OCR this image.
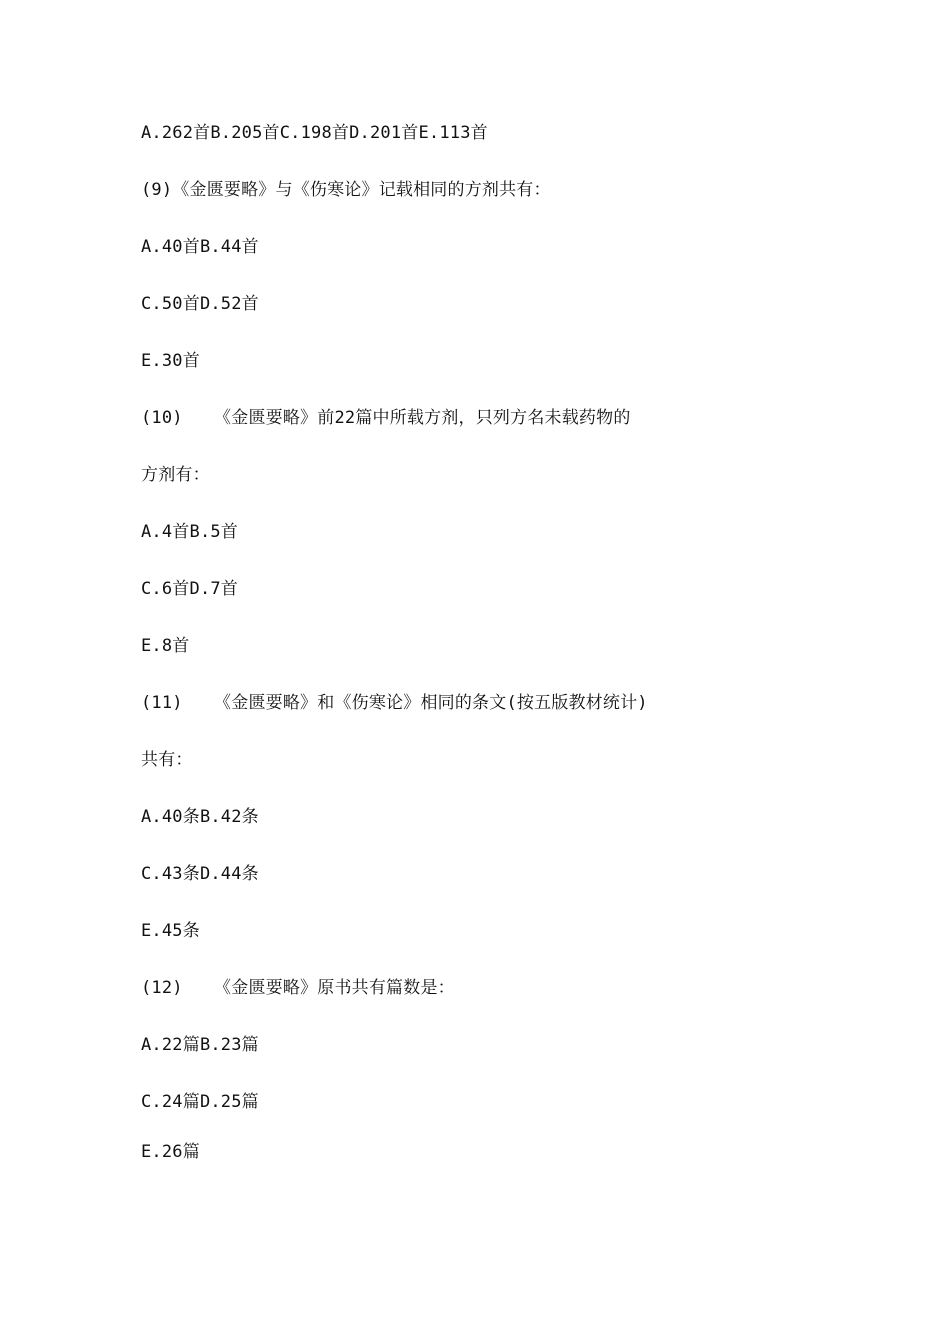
A.262首B.205首C.198首D.201首E.113首
(9)《金匮要略》与《伤寒论》记载相同的方剂共有：
A.40首B.44首
C.50首D.52首
E.30首
(10)   《金匮要略》前22篇中所载方剂，只列方名未载药物的
方剂有：
A.4首B.5首
C.6首D.7首
E.8首
(11)   《金匮要略》和《伤寒论》相同的条文(按五版教材统计)
共有：
A.40条B.42条
C.43条D.44条
E.45条
(12)   《金匮要略》原书共有篇数是：
A.22篇B.23篇
C.24篇D.25篇
E.26篇
